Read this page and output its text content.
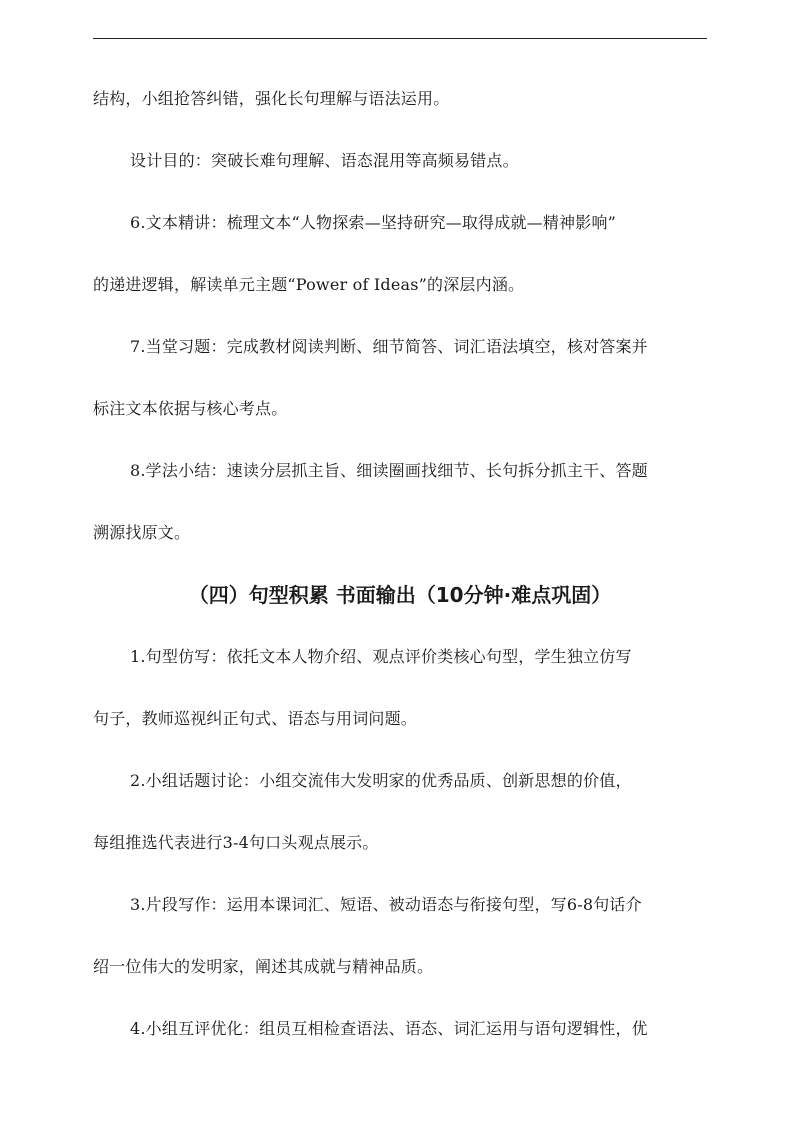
结构，小组抢答纠错，强化长句理解与语法运用。
设计目的：突破长难句理解、语态混用等高频易错点。
6.文本精讲：梳理文本“人物探索—坚持研究—取得成就—精神影响”
的递进逻辑，解读单元主题“Power of Ideas”的深层内涵。
7.当堂习题：完成教材阅读判断、细节简答、词汇语法填空，核对答案并
标注文本依据与核心考点。
8.学法小结：速读分层抓主旨、细读圈画找细节、长句拆分抓主干、答题
溯源找原文。
（四）句型积累 书面输出（10分钟·难点巩固）
1.句型仿写：依托文本人物介绍、观点评价类核心句型，学生独立仿写
句子，教师巡视纠正句式、语态与用词问题。
2.小组话题讨论：小组交流伟大发明家的优秀品质、创新思想的价值，
每组推选代表进行3-4句口头观点展示。
3.片段写作：运用本课词汇、短语、被动语态与衔接句型，写6-8句话介
绍一位伟大的发明家，阐述其成就与精神品质。
4.小组互评优化：组员互相检查语法、语态、词汇运用与语句逻辑性，优
